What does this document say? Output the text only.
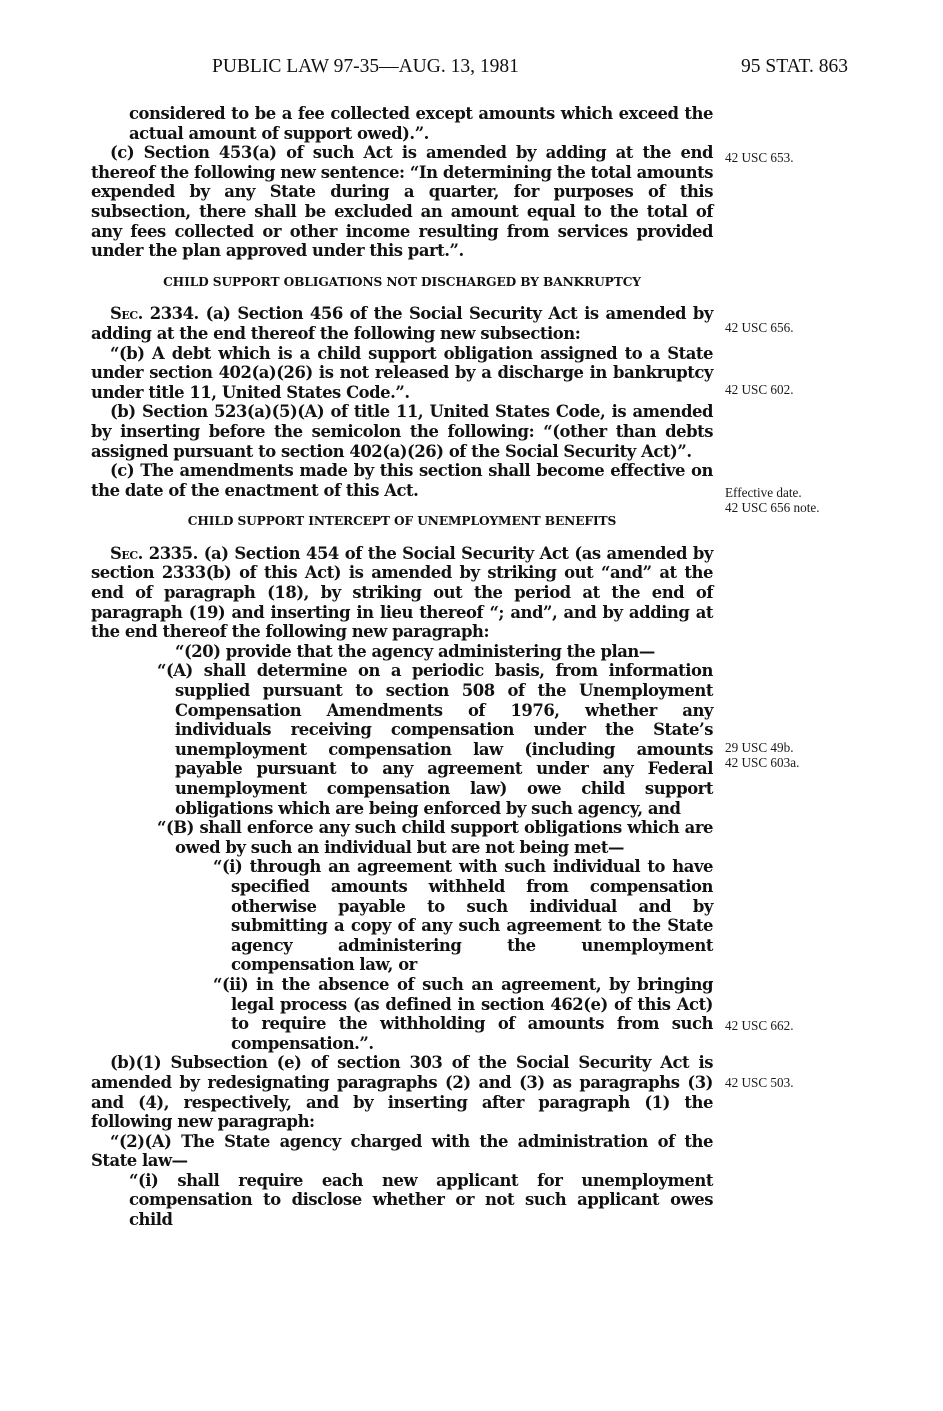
PUBLIC LAW 97-35—AUG. 13, 1981	95 STAT. 863

considered to be a fee collected except amounts which exceed the actual amount of support owed).”.

(c) Section 453(a) of such Act is amended by adding at the end thereof the following new sentence: “In determining the total amounts expended by any State during a quarter, for purposes of this subsection, there shall be excluded an amount equal to the total of any fees collected or other income resulting from services provided under the plan approved under this part.”.

CHILD SUPPORT OBLIGATIONS NOT DISCHARGED BY BANKRUPTCY

Sec. 2334. (a) Section 456 of the Social Security Act is amended by adding at the end thereof the following new subsection:

“(b) A debt which is a child support obligation assigned to a State under section 402(a)(26) is not released by a discharge in bankruptcy under title 11, United States Code.”.

(b) Section 523(a)(5)(A) of title 11, United States Code, is amended by inserting before the semicolon the following: “(other than debts assigned pursuant to section 402(a)(26) of the Social Security Act)”.

(c) The amendments made by this section shall become effective on the date of the enactment of this Act.

CHILD SUPPORT INTERCEPT OF UNEMPLOYMENT BENEFITS

Sec. 2335. (a) Section 454 of the Social Security Act (as amended by section 2333(b) of this Act) is amended by striking out “and” at the end of paragraph (18), by striking out the period at the end of paragraph (19) and inserting in lieu thereof “; and”, and by adding at the end thereof the following new paragraph:

“(20) provide that the agency administering the plan—

“(A) shall determine on a periodic basis, from information supplied pursuant to section 508 of the Unemployment Compensation Amendments of 1976, whether any individuals receiving compensation under the State’s unemployment compensation law (including amounts payable pursuant to any agreement under any Federal unemployment compensation law) owe child support obligations which are being enforced by such agency, and

“(B) shall enforce any such child support obligations which are owed by such an individual but are not being met—

“(i) through an agreement with such individual to have specified amounts withheld from compensation otherwise payable to such individual and by submitting a copy of any such agreement to the State agency administering the unemployment compensation law, or

“(ii) in the absence of such an agreement, by bringing legal process (as defined in section 462(e) of this Act) to require the withholding of amounts from such compensation.”.

(b)(1) Subsection (e) of section 303 of the Social Security Act is amended by redesignating paragraphs (2) and (3) as paragraphs (3) and (4), respectively, and by inserting after paragraph (1) the following new paragraph:

“(2)(A) The State agency charged with the administration of the State law—

“(i) shall require each new applicant for unemployment compensation to disclose whether or not such applicant owes child

42 USC 653.
42 USC 656.
42 USC 602.
Effective date.
42 USC 656 note.
29 USC 49b.
42 USC 603a.
42 USC 662.
42 USC 503.
